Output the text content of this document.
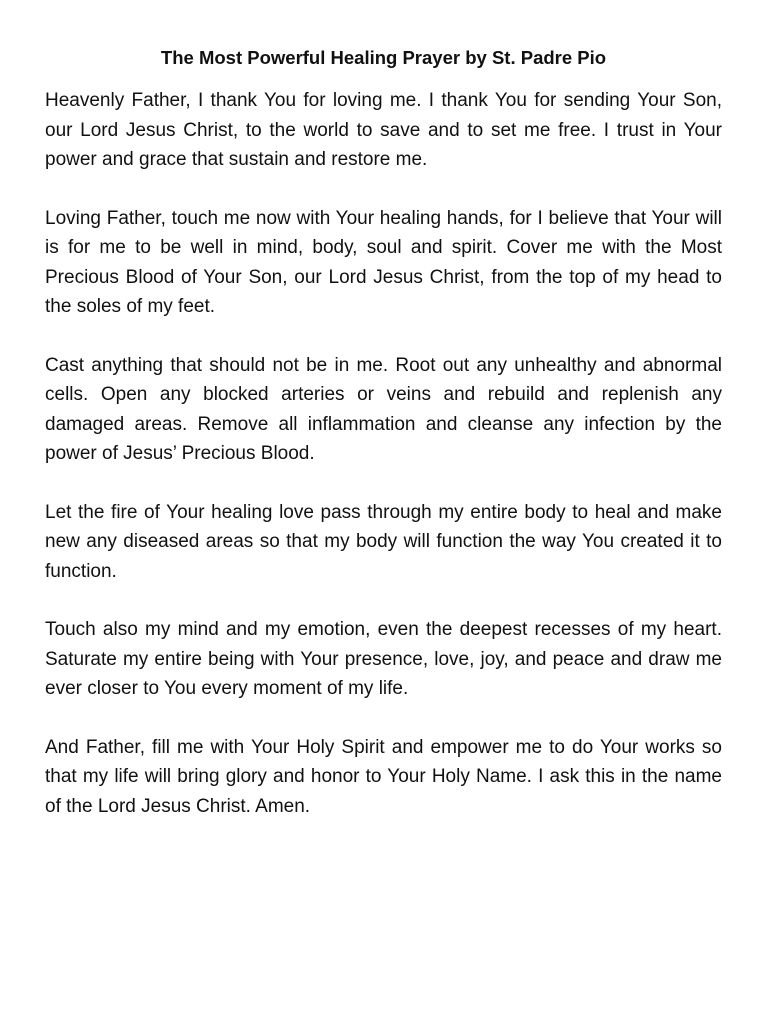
The Most Powerful Healing Prayer by St. Padre Pio

Heavenly Father, I thank You for loving me. I thank You for sending Your Son, our Lord Jesus Christ, to the world to save and to set me free. I trust in Your power and grace that sustain and restore me.

Loving Father, touch me now with Your healing hands, for I believe that Your will is for me to be well in mind, body, soul and spirit. Cover me with the Most Precious Blood of Your Son, our Lord Jesus Christ, from the top of my head to the soles of my feet.

Cast anything that should not be in me. Root out any unhealthy and abnormal cells. Open any blocked arteries or veins and rebuild and replenish any damaged areas. Remove all inflammation and cleanse any infection by the power of Jesus’ Precious Blood.

Let the fire of Your healing love pass through my entire body to heal and make new any diseased areas so that my body will function the way You created it to function.

Touch also my mind and my emotion, even the deepest recesses of my heart. Saturate my entire being with Your presence, love, joy, and peace and draw me ever closer to You every moment of my life.

And Father, fill me with Your Holy Spirit and empower me to do Your works so that my life will bring glory and honor to Your Holy Name. I ask this in the name of the Lord Jesus Christ. Amen.
